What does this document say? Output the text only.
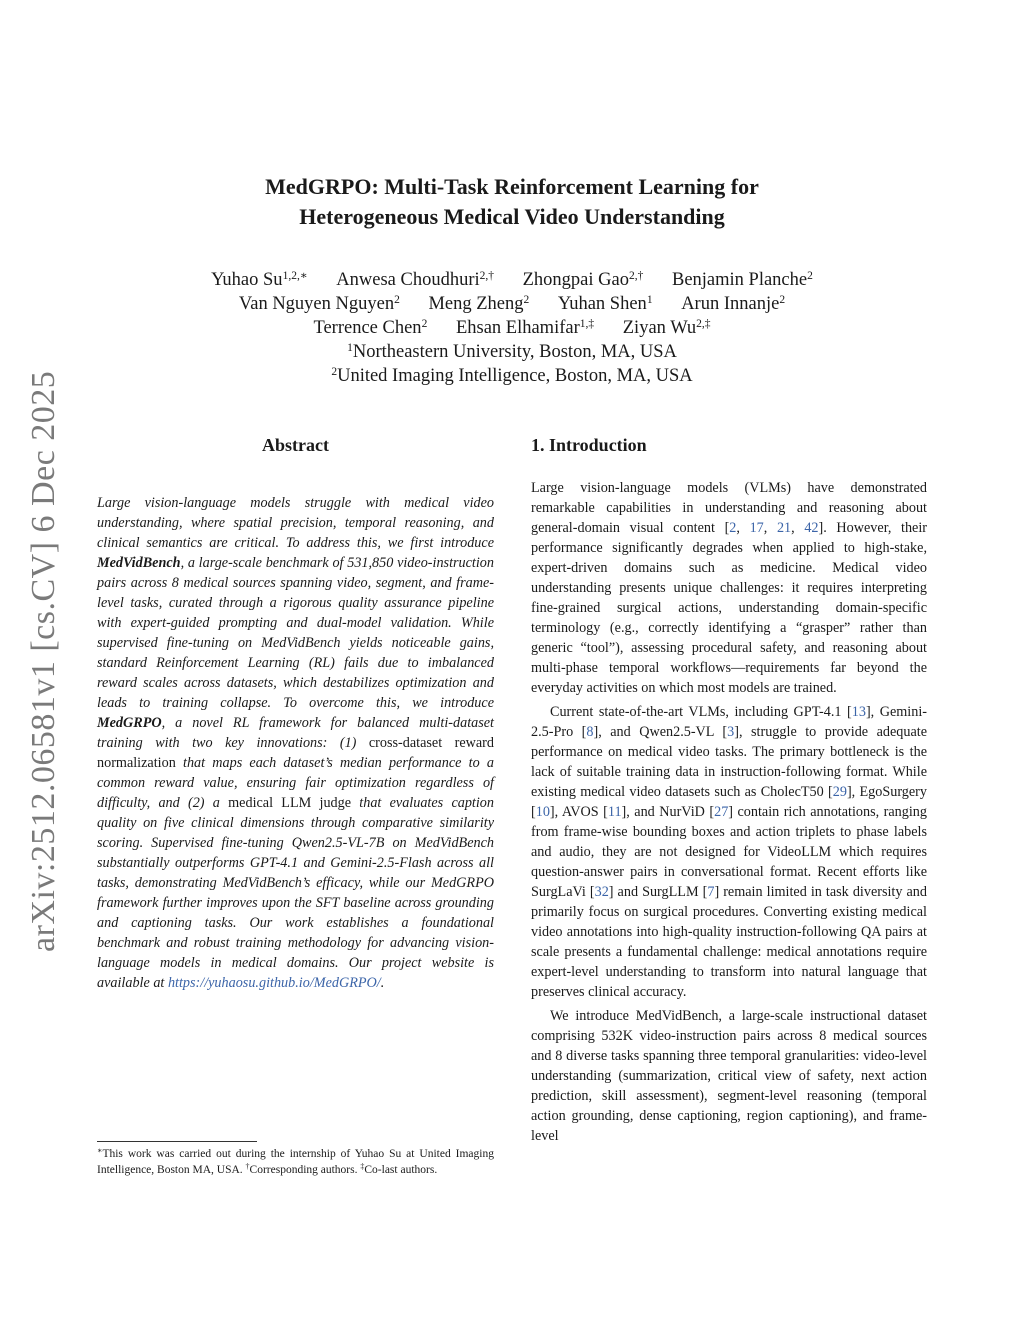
arXiv:2512.06581v1 [cs.CV] 6 Dec 2025
MedGRPO: Multi-Task Reinforcement Learning for
Heterogeneous Medical Video Understanding
Yuhao $Su^{1,2,∗}$ Anwesa Choudhuri$^{2,\dagger}$ Zhongpai Gao$^{2,\dagger}$ Benjamin Planche$^2$
Van Nguyen Nguyen$^2$ Meng Zheng$^2$ Yuhan Shen$^1$ Arun Innanje$^2$
Terrence Chen$^2$ Ehsan Elhamifar$^{1,\ddagger}$ Ziyan $Wu^{2,\ddagger}$
$^1$Northeastern University, Boston, MA, USA
$^2$United Imaging Intelligence, Boston, MA, USA
Abstract

Large vision-language models struggle with medical video understanding, where spatial precision, temporal reasoning, and clinical semantics are critical. To address this, we first introduce MedVidBench, a large-scale benchmark of 531,850 video-instruction pairs across 8 medical sources spanning video, segment, and frame-level tasks, curated through a rigorous quality assurance pipeline with expert-guided prompting and dual-model validation. While supervised fine-tuning on MedVidBench yields noticeable gains, standard Reinforcement Learning (RL) fails due to imbalanced reward scales across datasets, which destabilizes optimization and leads to training collapse. To overcome this, we introduce MedGRPO, a novel RL framework for balanced multi-dataset training with two key innovations: (1) cross-dataset reward normalization that maps each dataset’s median performance to a common reward value, ensuring fair optimization regardless of difficulty, and (2) a medical LLM judge that evaluates caption quality on five clinical dimensions through comparative similarity scoring. Supervised fine-tuning Qwen2.5-VL-7B on MedVidBench substantially outperforms GPT-4.1 and Gemini-2.5-Flash across all tasks, demonstrating MedVidBench’s efficacy, while our MedGRPO framework further improves upon the SFT baseline across grounding and captioning tasks. Our work establishes a foundational benchmark and robust training methodology for advancing vision-language models in medical domains. Our project website is available at https://yuhaosu.github.io/MedGRPO/.

∗This work was carried out during the internship of Yuhao Su at United Imaging Intelligence, Boston MA, USA. †Corresponding authors. ‡Co-last authors.
1. Introduction

Large vision-language models (VLMs) have demonstrated remarkable capabilities in understanding and reasoning about general-domain visual content [2, 17, 21, 42]. However, their performance significantly degrades when applied to high-stake, expert-driven domains such as medicine. Medical video understanding presents unique challenges: it requires interpreting fine-grained surgical actions, understanding domain-specific terminology (e.g., correctly identifying a “grasper” rather than generic “tool”), assessing procedural safety, and reasoning about multi-phase temporal workflows—requirements far beyond the everyday activities on which most models are trained.

Current state-of-the-art VLMs, including GPT-4.1 [13], Gemini-2.5-Pro [8], and Qwen2.5-VL [3], struggle to provide adequate performance on medical video tasks. The primary bottleneck is the lack of suitable training data in instruction-following format. While existing medical video datasets such as CholecT50 [29], EgoSurgery [10], AVOS [11], and NurViD [27] contain rich annotations, ranging from frame-wise bounding boxes and action triplets to phase labels and audio, they are not designed for VideoLLM which requires question-answer pairs in conversational format. Recent efforts like SurgLaVi [32] and SurgLLM [7] remain limited in task diversity and primarily focus on surgical procedures. Converting existing medical video annotations into high-quality instruction-following QA pairs at scale presents a fundamental challenge: medical annotations require expert-level understanding to transform into natural language that preserves clinical accuracy.

We introduce MedVidBench, a large-scale instructional dataset comprising 532K video-instruction pairs across 8 medical sources and 8 diverse tasks spanning three temporal granularities: video-level understanding (summarization, critical view of safety, next action prediction, skill assessment), segment-level reasoning (temporal action grounding, dense captioning, region captioning), and frame-level
